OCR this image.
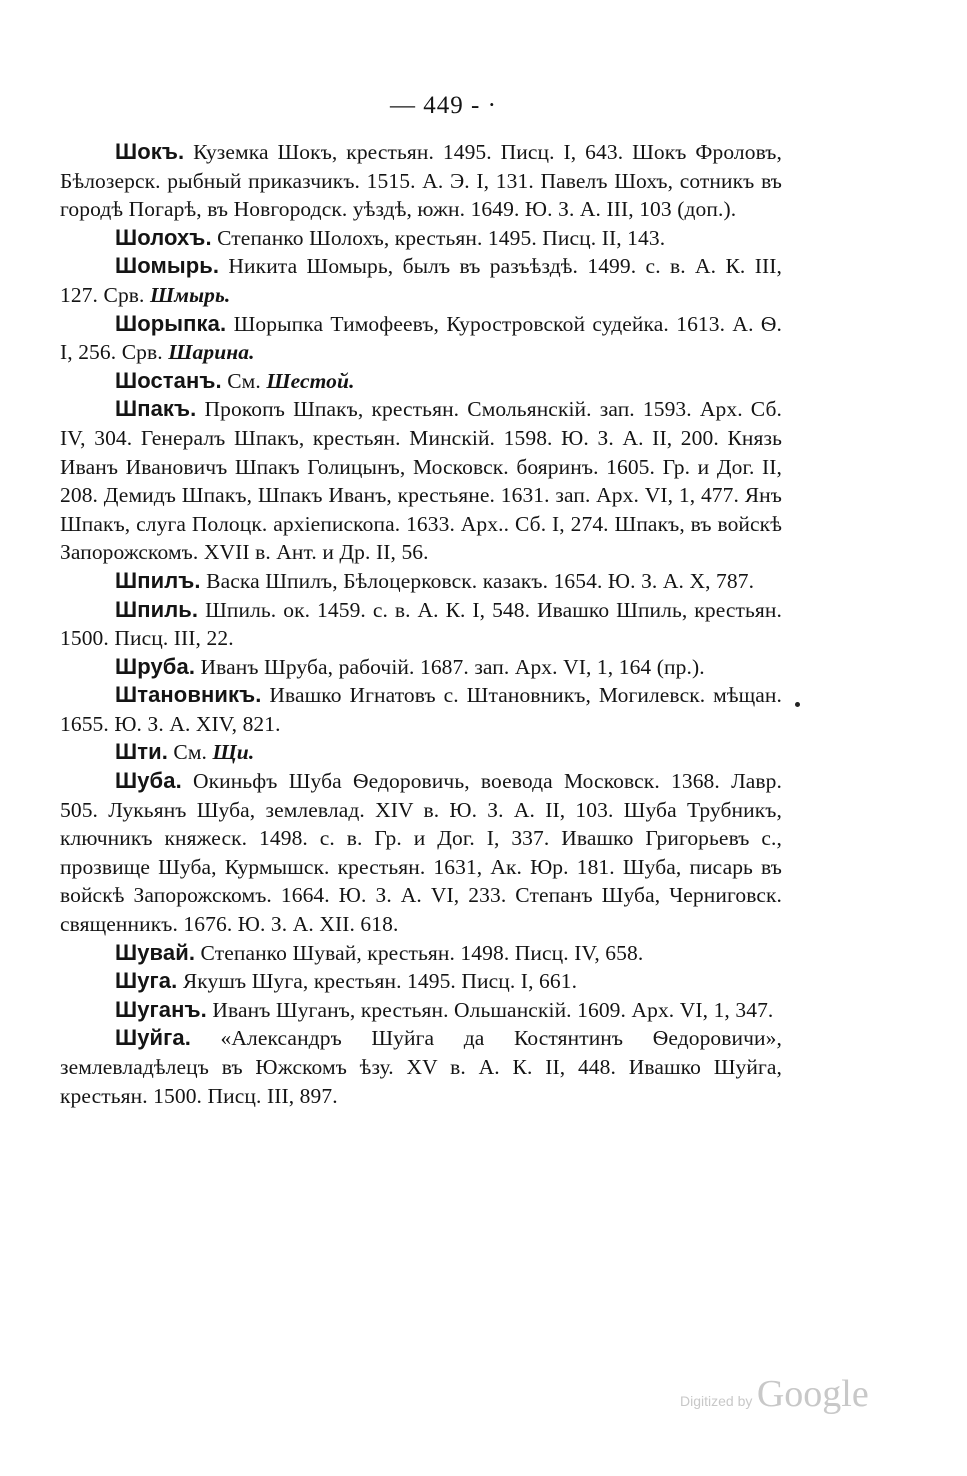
— 449 - ·

Шокъ. Куземка Шокъ, крестьян. 1495. Писц. I, 643. Шокъ Фроловъ, Бѣлозерск. рыбный приказчикъ. 1515. А. Э. I, 131. Павелъ Шохъ, сотникъ въ городѣ Погарѣ, въ Новгородск. уѣздѣ, южн. 1649. Ю. З. А. III, 103 (доп.).

Шолохъ. Степанко Шолохъ, крестьян. 1495. Писц. II, 143.

Шомырь. Никита Шомырь, былъ въ разъѣздѣ. 1499. с. в. А. К. III, 127. Срв. Шмырь.

Шорыпка. Шорыпка Тимофеевъ, Куростровской судейка. 1613. А. Ѳ. I, 256. Срв. Шарина.

Шостанъ. См. Шестой.

Шпакъ. Прокопъ Шпакъ, крестьян. Смольянскій. зап. 1593. Арх. Сб. IV, 304. Генералъ Шпакъ, крестьян. Минскій. 1598. Ю. З. А. II, 200. Князь Иванъ Ивановичъ Шпакъ Голицынъ, Московск. бояринъ. 1605. Гр. и Дог. II, 208. Демидъ Шпакъ, Шпакъ Иванъ, крестьяне. 1631. зап. Арх. VI, 1, 477. Янъ Шпакъ, слуга Полоцк. архіепископа. 1633. Арх.. Сб. I, 274. Шпакъ, въ войскѣ Запорожскомъ. XVII в. Ант. и Др. II, 56.

Шпилъ. Васка Шпилъ, Бѣлоцерковск. казакъ. 1654. Ю. З. А. X, 787.

Шпиль. Шпиль. ок. 1459. с. в. А. К. I, 548. Ивашко Шпиль, крестьян. 1500. Писц. III, 22.

Шруба. Иванъ Шруба, рабочій. 1687. зап. Арх. VI, 1, 164 (пр.).

Штановникъ. Ивашко Игнатовъ с. Штановникъ, Могилевск. мѣщан. 1655. Ю. З. А. XIV, 821.

Шти. См. Щи.

Шуба. Окиньфъ Шуба Ѳедоровичь, воевода Московск. 1368. Лавр. 505. Лукьянъ Шуба, землевлад. XIV в. Ю. З. А. II, 103. Шуба Трубникъ, ключникъ княжеск. 1498. с. в. Гр. и Дог. I, 337. Ивашко Григорьевъ с., прозвище Шуба, Курмышск. крестьян. 1631, Ак. Юр. 181. Шуба, писарь въ войскѣ Запорожскомъ. 1664. Ю. З. А. VI, 233. Степанъ Шуба, Черниговск. священникъ. 1676. Ю. З. А. XII. 618.

Шувай. Степанко Шувай, крестьян. 1498. Писц. IV, 658.

Шуга. Якушъ Шуга, крестьян. 1495. Писц. I, 661.

Шуганъ. Иванъ Шуганъ, крестьян. Ольшанскій. 1609. Арх. VI, 1, 347.

Шуйга. «Александръ Шуйга да Костянтинъ Ѳедоровичи», землевладѣлецъ въ Южскомъ ѣзу. XV в. А. К. II, 448. Ивашко Шуйга, крестьян. 1500. Писц. III, 897.

Digitized by Google
